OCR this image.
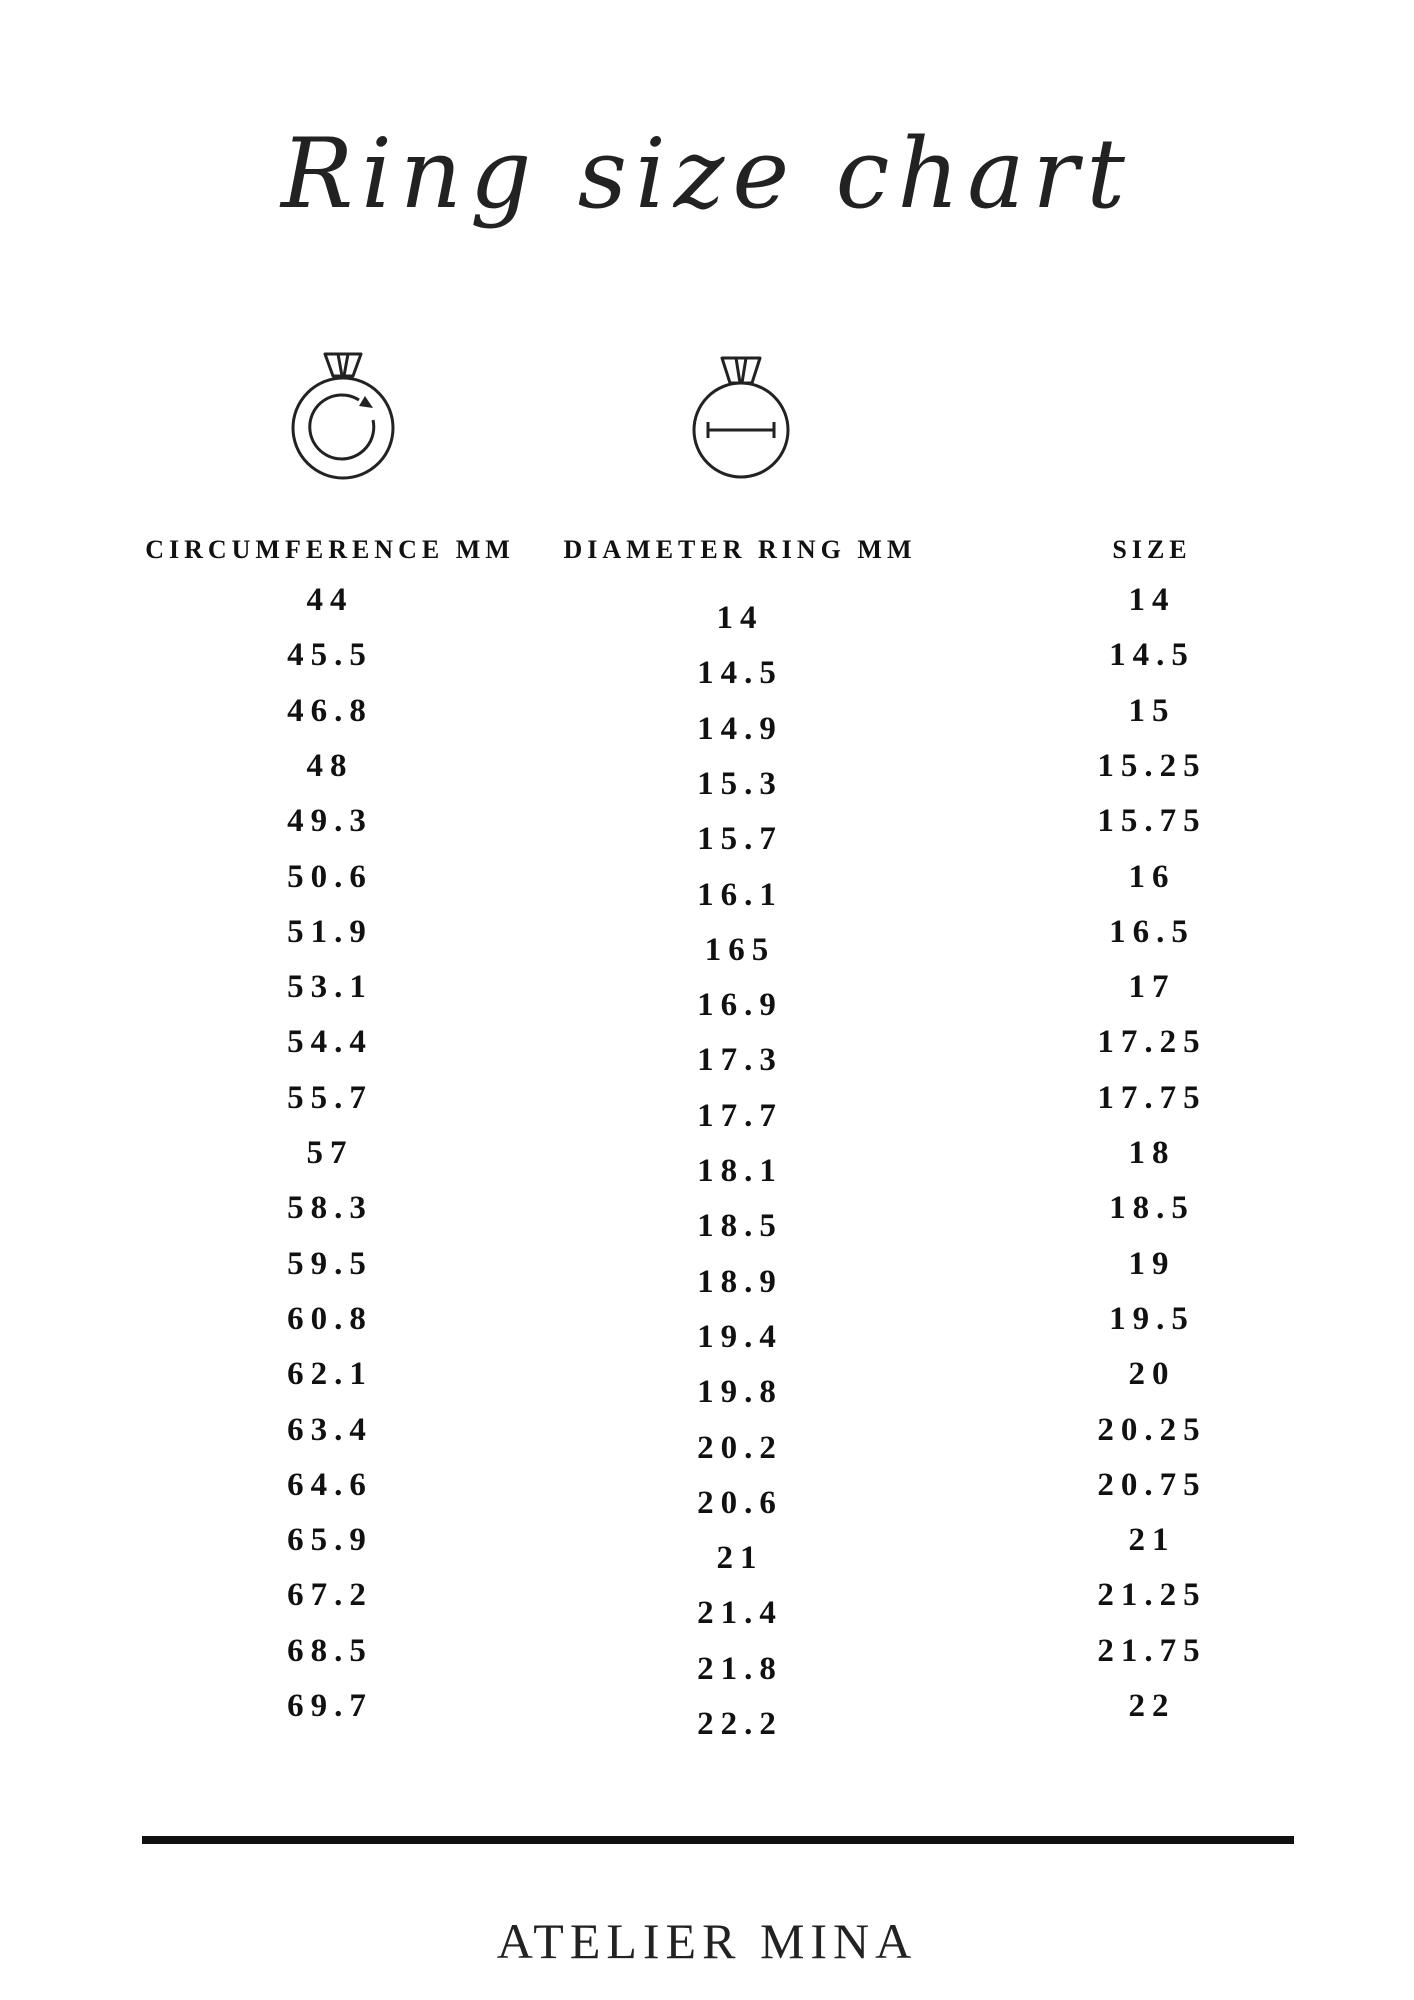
Ring size chart
CIRCUMFERENCE MM
44
45.5
46.8
48
49.3
50.6
51.9
53.1
54.4
55.7
57
58.3
59.5
60.8
62.1
63.4
64.6
65.9
67.2
68.5
69.7
DIAMETER RING MM
14
14.5
14.9
15.3
15.7
16.1
165
16.9
17.3
17.7
18.1
18.5
18.9
19.4
19.8
20.2
20.6
21
21.4
21.8
22.2
SIZE
14
14.5
15
15.25
15.75
16
16.5
17
17.25
17.75
18
18.5
19
19.5
20
20.25
20.75
21
21.25
21.75
22
ATELIER MINA
